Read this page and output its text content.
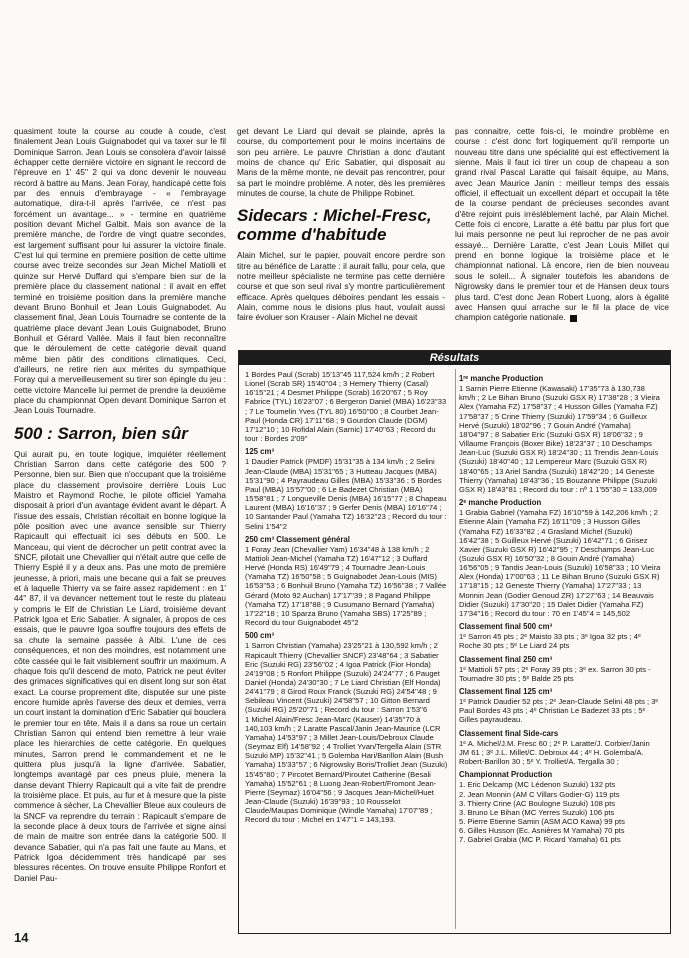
quasiment toute la course au coude à coude, c'est finalement Jean Louis Guignabodet qui va taxer sur le fil Dominique Sarron. Jean Louis se consolera d'avoir laissé échapper cette dernière victoire en signant le reccord de l'épreuve en 1' 45'' 2 qui va donc devenir le nouveau record à battre au Mans. Jean Foray, handicapé cette fois par des ennuis d'embrayage - « l'embrayage automatique, dira-t-il après l'arrivée, ce n'est pas forcément un avantage... » - termine en quatrième position devant Michel Galbit. Mais son avance de la première manche, de l'ordre de vingt quatre secondes, est largement suffisant pour lui assurer la victoire finale. C'est lui qui termine en premiere position de cette ultime course avec treize secondes sur Jean Michel Matiolli et quinze sur Hervé Duffard qui s'empare bien sur de la première place du classement national : il avait en effet terminé en troisième position dans la première manche devant Bruno Bonhuil et Jean Louis Guignabodet. Au classement final, Jean Louis Tournadre se contente de la quatrième place devant Jean Louis Guignabodet, Bruno Bonhuil et Gérard Vallée. Mais il faut bien reconnaître que le déroulement de cette catégorie devait quand même bien pâtir des conditions climatiques. Ceci, d'ailleurs, ne retire rien aux mérites du sympathique Foray qui a merveilleusement su tirer son épingle du jeu : cette victoire Mancelle lui permet de prendre la deuxième place du championnat Open devant Dominique Sarron et Jean Louis Tournadre.

500 : Sarron, bien sûr

Qui aurait pu, en toute logique, imquiéter réellement Christian Sarron dans cette catégorie des 500 ? Personne, bien sur. Bien que n'occupant que la troisième place du classement provisoire derrière Louis Luc Maistro et Raymond Roche, le pilote officiel Yamaha disposait à priori d'un avantage évident avant le départ. À l'issue des essais, Christian récoltait en bonne logique la pôle position avec une avance sensible sur Thierry Rapicault qui effectuait ici ses débuts en 500. Le Manceau, qui vient de décrocher un petit contrat avec la SNCF, pilotait une Chevallier qui n'était autre que celle de Thierry Espié il y a deux ans. Pas une moto de première jeunesse, à priori, mais une becane qui a fait se preuves et à laquelle Thierry va se faire assez rapidement : en 1' 44'' 87, il va devancer nettement tout le reste du plateau y compris le Elf de Christian Le Liard, troisième devant Patrick Igoa et Eric Sabatier. À signaler, à propos de ces essais, que le pauvre Igoa souffre toujours des effets de sa chute la semaine passée à Albi. L'une de ces conséquences, et non des moindres, est notamment une côte cassée qui le fait visiblement souffrir un maximum. A chaque fois qu'il descend de moto, Patrick ne peut éviter des grimaces significatives qui en disent long sur son état exact. La course proprement dite, disputée sur une piste encore humide après l'averse des deux et demies, verra un court instant la domination d'Eric Sabatier qui bouclera le premier tour en tête. Mais il a dans sa roue un certain Christian Sarron qui entend bien remettre à leur vraie place les hierarchies de cette catégorie. En quelques minutes, Sarron prend le commandement et ne le quittera plus jusqu'à la ligne d'arrivée. Sabatier, longtemps avantagé par ces pneus pluie, menera la danse devant Thierry Rapicault qui a vite fait de prendre la troisième place. Et puis, au fur et à mesure que la piste commence à sécher, La Chevallier Bleue aux couleurs de la SNCF va reprendre du terrain : Rapicault s'empare de la seconde place à deux tours de l'arrivée et signe ainsi de main de maitre son entrée dans la catégorie 500. Il devance Sabatier, qui n'a pas fait une faute au Mans, et Patrick Igoa décidemment très handicapé par ses blessures récentes. On trouve ensuite Philippe Ronfort et Daniel Pau-

get devant Le Liard qui devait se plainde, après la course, du comportement pour le moins incertains de son peu arrière. Le pauvre Christian a donc d'autant moins de chance qu' Eric Sabatier, qui disposait au Mans de la même monte, ne devait pas rencontrer, pour sa part le moindre problème. A noter, dès les premières minutes de course, la chute de Philippe Robinet.

Sidecars : Michel-Fresc, comme d'habitude

Alain Michel, sur le papier, pouvait encore perdre son titre au bénéfice de Laratte : il aurait fallu, pour cela, que notre meilleur spécialiste ne termine pas cette dernière course et que son seul rival s'y montre particulièrement efficace. Après quelques déboires pendant les essais - Alain, comme nous le disions plus haut, voulait aussi faire évoluer son Krauser - Alain Michel ne devait

pas connaitre, cette fois-ci, le moindre problème en course : c'est donc fort logiquement qu'il remporte un nouveau titre dans une spécialité qui est effectivement la sienne. Mais il faut ici tirer un coup de chapeau a son grand rival Pascal Laratte qui faisait équipe, au Mans, avec Jean Maurice Janin : meilleur temps des essais officiel, il effectuait un excellent départ et occupait la tête de la course pendant de précieuses secondes avant d'être rejoint puis irrésléblement laché, par Alain Michel. Cette fois ci encore, Laratte a été battu par plus fort que lui mais personne ne peut lui reprocher de ne pas avoir essayé... Dernière Laratte, c'est Jean Louis Millet qui prend en bonne logique la troisième place et le championnat national. Là encore, rien de bien nouveau sous le soleil... À signaler toutefois les abandons de Nigrowsky dans le premier tour et de Hansen deux tours plus tard. C'est donc Jean Robert Luong, alors à égalité avec Hansen quui arrache sur le fil la place de vice champion catégorie nationale.

Résultats

1 Bordes Paul (Scrab) 15'13''45 117,524 km/h ; 2 Robert Lionel (Scrab SR) 15'40''04 ; 3 Hemery Thierry (Casal) 16'15''21 ; 4 Desmet Philippe (Scrab) 16'20''67 ; 5 Roy Fabrice (TYL) 16'23''07 ; 6 Bergeron Daniel (MBA) 16'23''33 ; 7 Le Toumelin Yves (TYL 80) 16'50''00 ; 8 Courbet Jean-Paul (Honda CR) 17'11''68 ; 9 Gourdon Claude (DGM) 17'12''10 ; 10 Rofidal Alain (Sarnic) 17'40''63 ; Record du tour : Bordes 2'09''

125 cm³

1 Daudier Patrick (PMDF) 15'31''35 à 134 km/h ; 2 Selini Jean-Claude (MBA) 15'31''65 ; 3 Hutteau Jacques (MBA) 15'31''90 ; 4 Payraudeau Gilles (MBA) 15'33''36 ; 5 Bordes Paul (MBA) 15'57''00 ; 6 Le Badezet Christian (MBA) 15'58''81 ; 7 Longueville Denis (MBA) 16'15''77 ; 8 Chapeau Laurent (MBA) 16'16''37 ; 9 Gerfer Denis (MBA) 16'16''74 ; 10 Santander Paul (Yamaha TZ) 16'32''23 ; Record du tour : Selini 1'54''2

250 cm³ Classement général

1 Foray Jean (Chevallier Yam) 16'34''48 à 138 km/h ; 2 Mattioli Jean-Michel (Yamaha TZ) 16'47''12 ; 3 Duffard Hervé (Honda RS) 16'49''79 ; 4 Tournadre Jean-Louis (Yamaha TZ) 16'50''58 ; 5 Guignabodet Jean-Louis (MIS) 16'53''53 ; 6 Bonhuil Bruno (Yamaha TZ) 16'56''38 ; 7 Vallée Gérard (Moto 92 Auchan) 17'17''39 ; 8 Pagand Philippe (Yamaha TZ) 17'18''88 ; 9 Cusumano Bernard (Yamaha) 17'22''18 ; 10 Sparza Bruno (Yamaha SBS) 17'25''89 ; Record du tour Guignabodet 45''2

500 cm³

1 Sarron Christian (Yamaha) 23'25''21 à 130,592 km/h ; 2 Rapicault Thierry (Chevallier SNCF) 23'48''64 ; 3 Sabatier Eric (Suzuki RG) 23'56''02 ; 4 Igoa Patrick (Fior Honda) 24'19''08 ; 5 Ronfort Philippe (Suzuki) 24'24''77 ; 6 Pauget Daniel (Honda) 24'30''30 ; 7 Le Liard Christian (Elf Honda) 24'41''79 ; 8 Girod Roux Franck (Suzuki RG) 24'54''48 ; 9 Sebileau Vincent (Suzuki) 24'58''57 ; 10 Gitton Bernard (Suzuki RG) 25'20''71 ; Record du tour : Sarron 1'53''6

1 Michel Alain/Fresc Jean-Marc (Kauser) 14'35''70 à 140,103 km/h ; 2 Laratte Pascal/Janin Jean-Maurice (LCR Yamaha) 14'53''97 ; 3 Millet Jean-Louis/Debroux Claude (Seymaz Elf) 14'58''92 ; 4 Trolliet Yvan/Tergella Alain (STR Suzuki MP) 15'32''41 ; 5 Golemba Hari/Barillon Alain (Bush Yamaha) 15'33''57 ; 6 Nigrowsky Boris/Trolliet Jean (Suzuki) 15'45''80 ; 7 Pircotet Bernard/Piroutet Catherine (Besali Yamaha) 15'52''61 ; 8 Luong Jean-Robert/Fromont Jean-Pierre (Seymaz) 16'04''56 ; 9 Jacques Jean-Michel/Huet Jean-Claude (Suzuki) 16'39''93 ; 10 Rousselot Claude/Maupas Dominique (Windle Yamaha) 17'07''89 ; Record du tour : Michel en 1'47''1 = 143,193.

1ʳᵉ manche Production

1 Sarnin Pierre Etienne (Kawasaki) 17'35''73 à 130,738 km/h ; 2 Le Bihan Bruno (Suzuki GSX R) 17'38''28 ; 3 Vieira Alex (Yamaha FZ) 17'58''37 ; 4 Husson Gilles (Yamaha FZ) 17'58''37 ; 5 Crine Thierry (Suzuki) 17'59''34 ; 6 Guilleux Hervé (Suzuki) 18'02''96 ; 7 Gouin André (Yamaha) 18'04''97 ; 8 Sabatier Eric (Suzuki GSX R) 18'06''32 ; 9 Villaume François (Boxer Bike) 18'23''37 ; 10 Deschamps Jean-Luc (Suzuki GSX R) 18'24''30 ; 11 Trendis Jean-Louis (Suzuki) 18'40''40 ; 12 Lempereur Marc (Suzuki GSX R) 18'40''65 ; 13 Ariel Sandra (Suzuki) 18'42''20 ; 14 Geneste Thierry (Yamaha) 18'43''36 ; 15 Bouzanne Philippe (Suzuki GSX R) 18'43''81 ; Record du tour : nº 1 1'55''30 = 133,009

2ᵉ manche Production

1 Grabia Gabriel (Yamaha FZ) 16'10''59 à 142,206 km/h ; 2 Etienne Alain (Yamaha FZ) 16'11''09 ; 3 Husson Gilles (Yamaha FZ) 16'33''82 ; 4 Grasland Michel (Suzuki) 16'42''38 ; 5 Guilleux Hervé (Suzuki) 16'42''71 ; 6 Grisez Xavier (Suzuki GSX R) 16'42''95 ; 7 Deschamps Jean-Luc (Suzuki GSX R) 16'50''32 ; 8 Gouin André (Yamaha) 16'56''05 ; 9 Tandis Jean-Louis (Suzuki) 16'58''33 ; 10 Vieira Alex (Honda) 17'00''63 ; 11 Le Bihan Bruno (Suzuki GSX R) 17'18''15 ; 12 Geneste Thierry (Yamaha) 17'27''33 ; 13 Monnin Jean (Godier Genoud ZR) 17'27''63 ; 14 Beauvais Didier (Suzuki) 17'30''20 ; 15 Dalet Didier (Yamaha FZ) 17'34''16 ; Record du tour : 70 en 1'45''4 = 145,502

Classement final 500 cm³

1ᵉ Sarron 45 pts ; 2ᵉ Maisto 33 pts ; 3ᵉ Igoa 32 pts ; 4ᵉ Roche 30 pts ; 5ᵉ Le Liard 24 pts

Classement final 250 cm³

1ᵉ Mattioli 57 pts ; 2ᵉ Foray 39 pts ; 3ᵉ ex. Sarron 30 pts - Tournadre 30 pts ; 5ᵉ Balde 25 pts

Classement final 125 cm³

1ᵉ Patrick Daudier 52 pts ; 2ᵉ Jean-Claude Selini 48 pts ; 3ᵉ Paul Bordes 43 pts ; 4ᵉ Christian Le Badezet 33 pts ; 5ᵉ Gilles payraudeau.

Classement final Side-cars

1ᵉ A. Michel/J.M. Fresc 60 ; 2ᵉ P. Laratte/J. Corbier/Janin JM 61 ; 3ᵉ J.L. Millet/C. Debroux 44 ; 4ᵉ H. Golemba/A. Robert-Barillon 30 ; 5ᵉ Y. Trolliet/A. Tergalla 30 ;

Championnat Production

1. Eric Delcamp (MC Lédenon Suzuki) 132 pts
2. Jean Monnin (AM C Villars Godier-G) 119 pts
3. Thierry Crine (AC Boulogne Suzuki) 108 pts
3. Bruno Le Bihan (MC Yerres Suzuki) 106 pts
5. Pierre Etienne Samin (ASM ACO Kawa) 99 pts
6. Gilles Husson (Ec. Asnières M Yamaha) 70 pts
7. Gabriel Grabia (MC P. Ricard Yamaha) 61 pts

14
